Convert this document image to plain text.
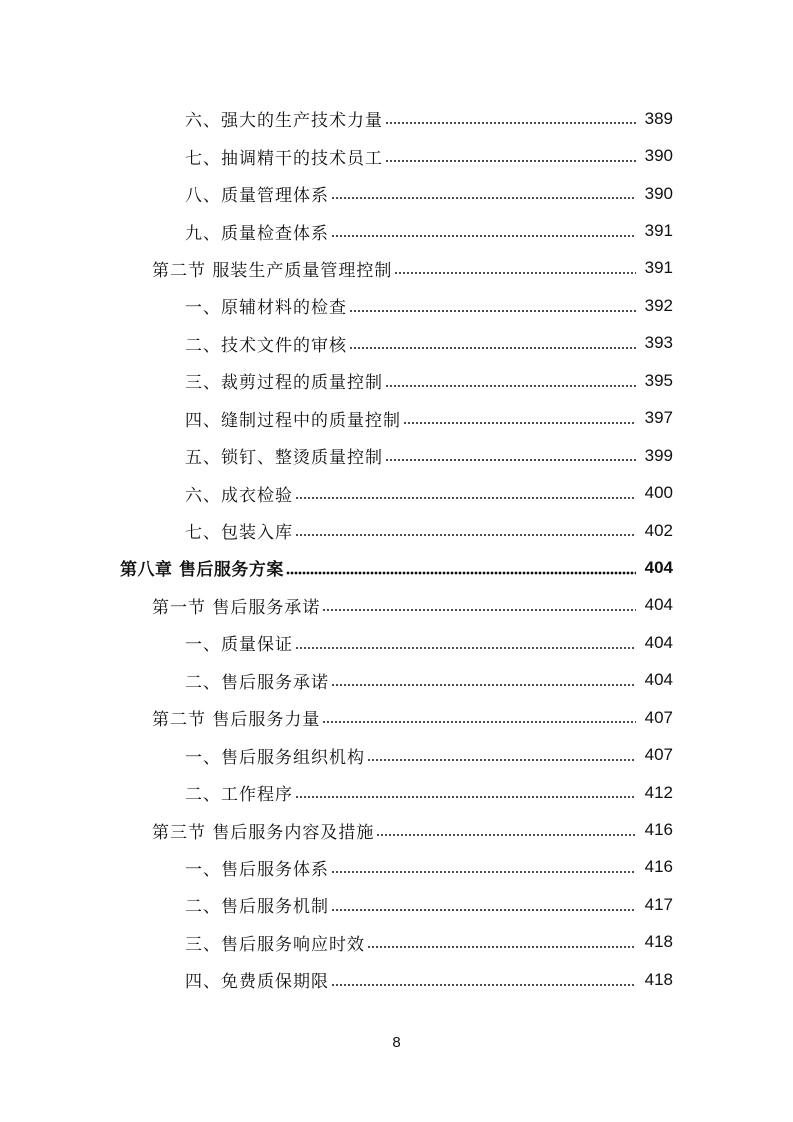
六、强大的生产技术力量	389
七、抽调精干的技术员工	390
八、质量管理体系	390
九、质量检查体系	391
第二节 服装生产质量管理控制	391
一、原辅材料的检查	392
二、技术文件的审核	393
三、裁剪过程的质量控制	395
四、缝制过程中的质量控制	397
五、锁钉、整烫质量控制	399
六、成衣检验	400
七、包装入库	402
第八章 售后服务方案	404
第一节 售后服务承诺	404
一、质量保证	404
二、售后服务承诺	404
第二节 售后服务力量	407
一、售后服务组织机构	407
二、工作程序	412
第三节 售后服务内容及措施	416
一、售后服务体系	416
二、售后服务机制	417
三、售后服务响应时效	418
四、免费质保期限	418
8
